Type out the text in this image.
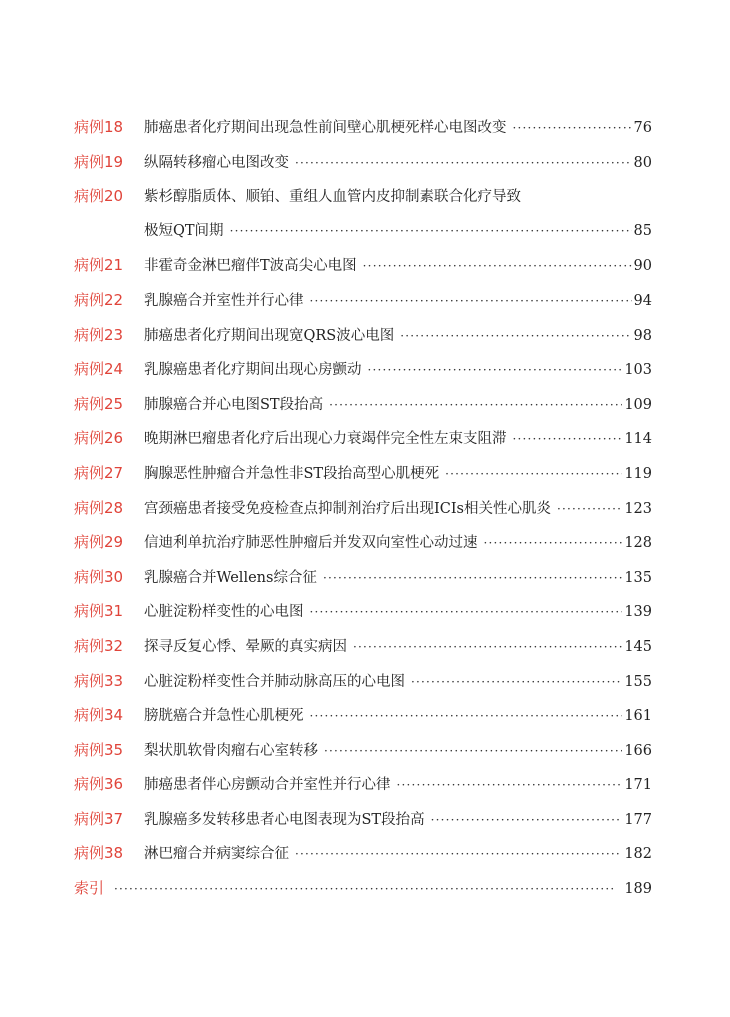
病例18	肺癌患者化疗期间出现急性前间壁心肌梗死样心电图改变 ·····	76
病例19	纵隔转移瘤心电图改变 ·····	80
病例20	紫杉醇脂质体、顺铂、重组人血管内皮抑制素联合化疗导致
极短QT间期 ·····	85
病例21	非霍奇金淋巴瘤伴T波高尖心电图 ·····	90
病例22	乳腺癌合并室性并行心律 ·····	94
病例23	肺癌患者化疗期间出现宽QRS波心电图 ·····	98
病例24	乳腺癌患者化疗期间出现心房颤动 ·····	103
病例25	肺腺癌合并心电图ST段抬高 ·····	109
病例26	晚期淋巴瘤患者化疗后出现心力衰竭伴完全性左束支阻滞 ·····	114
病例27	胸腺恶性肿瘤合并急性非ST段抬高型心肌梗死 ·····	119
病例28	宫颈癌患者接受免疫检查点抑制剂治疗后出现ICIs相关性心肌炎 ·····	123
病例29	信迪利单抗治疗肺恶性肿瘤后并发双向室性心动过速 ·····	128
病例30	乳腺癌合并Wellens综合征 ·····	135
病例31	心脏淀粉样变性的心电图 ·····	139
病例32	探寻反复心悸、晕厥的真实病因 ·····	145
病例33	心脏淀粉样变性合并肺动脉高压的心电图 ·····	155
病例34	膀胱癌合并急性心肌梗死 ·····	161
病例35	梨状肌软骨肉瘤右心室转移 ·····	166
病例36	肺癌患者伴心房颤动合并室性并行心律 ·····	171
病例37	乳腺癌多发转移患者心电图表现为ST段抬高 ·····	177
病例38	淋巴瘤合并病窦综合征 ·····	182
索引 ·····	189
